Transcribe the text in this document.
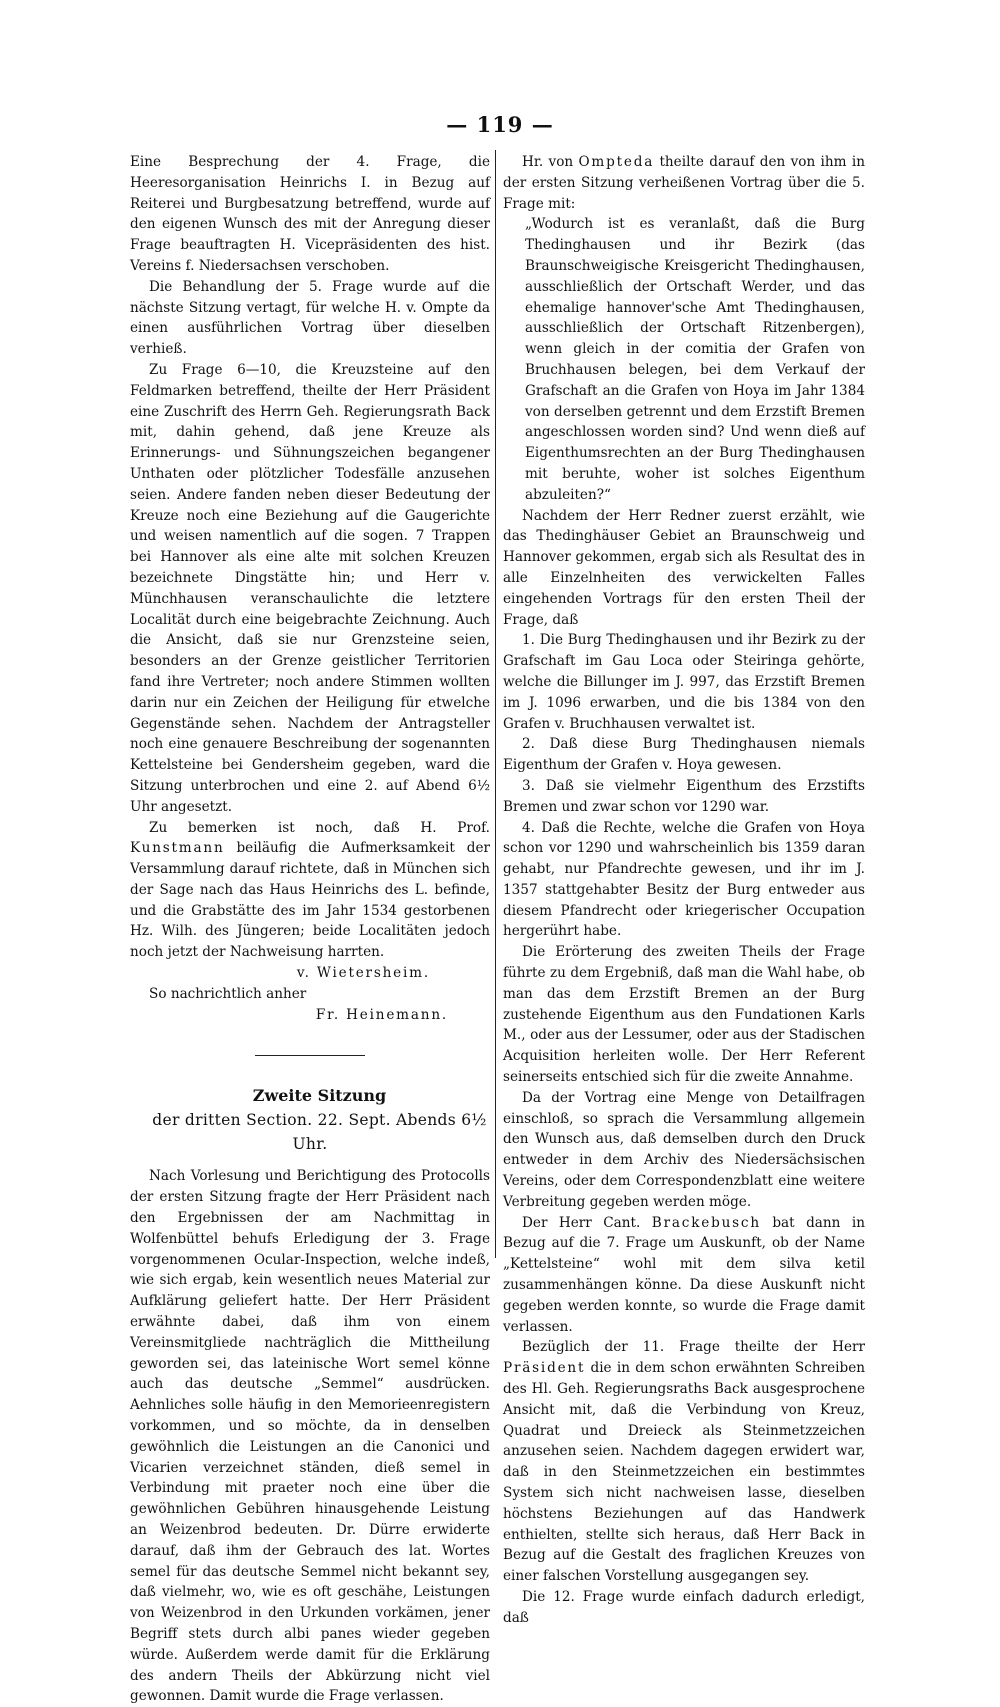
— 119 —

Eine Besprechung der 4. Frage, die Heeresorganisation Heinrichs I. in Bezug auf Reiterei und Burgbesatzung betreffend, wurde auf den eigenen Wunsch des mit der Anregung dieser Frage beauftragten H. Vicepräsidenten des hist. Vereins f. Niedersachsen verschoben.

Die Behandlung der 5. Frage wurde auf die nächste Sitzung vertagt, für welche H. v. Ompte da einen ausführlichen Vortrag über dieselben verhieß.

Zu Frage 6—10, die Kreuzsteine auf den Feldmarken betreffend, theilte der Herr Präsident eine Zuschrift des Herrn Geh. Regierungsrath Back mit, dahin gehend, daß jene Kreuze als Erinnerungs- und Sühnungszeichen begangener Unthaten oder plötzlicher Todesfälle anzusehen seien. Andere fanden neben dieser Bedeutung der Kreuze noch eine Beziehung auf die Gaugerichte und weisen namentlich auf die sogen. 7 Trappen bei Hannover als eine alte mit solchen Kreuzen bezeichnete Dingstätte hin; und Herr v. Münchhausen veranschaulichte die letztere Localität durch eine beigebrachte Zeichnung. Auch die Ansicht, daß sie nur Grenzsteine seien, besonders an der Grenze geistlicher Territorien fand ihre Vertreter; noch andere Stimmen wollten darin nur ein Zeichen der Heiligung für etwelche Gegenstände sehen. Nachdem der Antragsteller noch eine genauere Beschreibung der sogenannten Kettelsteine bei Gendersheim gegeben, ward die Sitzung unterbrochen und eine 2. auf Abend 6½ Uhr angesetzt.

Zu bemerken ist noch, daß H. Prof. Kunstmann beiläufig die Aufmerksamkeit der Versammlung darauf richtete, daß in München sich der Sage nach das Haus Heinrichs des L. befinde, und die Grabstätte des im Jahr 1534 gestorbenen Hz. Wilh. des Jüngeren; beide Localitäten jedoch noch jetzt der Nachweisung harrten.

v. Wietersheim.

So nachrichtlich anher

Fr. Heinemann.

Zweite Sitzung

der dritten Section. 22. Sept. Abends 6½ Uhr.

Nach Vorlesung und Berichtigung des Protocolls der ersten Sitzung fragte der Herr Präsident nach den Ergebnissen der am Nachmittag in Wolfenbüttel behufs Erledigung der 3. Frage vorgenommenen Ocular-Inspection, welche indeß, wie sich ergab, kein wesentlich neues Material zur Aufklärung geliefert hatte. Der Herr Präsident erwähnte dabei, daß ihm von einem Vereinsmitgliede nachträglich die Mittheilung geworden sei, das lateinische Wort semel könne auch das deutsche „Semmel“ ausdrücken. Aehnliches solle häufig in den Memorieenregistern vorkommen, und so möchte, da in denselben gewöhnlich die Leistungen an die Canonici und Vicarien verzeichnet ständen, dieß semel in Verbindung mit praeter noch eine über die gewöhnlichen Gebühren hinausgehende Leistung an Weizenbrod bedeuten. Dr. Dürre erwiderte darauf, daß ihm der Gebrauch des lat. Wortes semel für das deutsche Semmel nicht bekannt sey, daß vielmehr, wo, wie es oft geschähe, Leistungen von Weizenbrod in den Urkunden vorkämen, jener Begriff stets durch albi panes wieder gegeben würde. Außerdem werde damit für die Erklärung des andern Theils der Abkürzung nicht viel gewonnen. Damit wurde die Frage verlassen.

Hr. von Ompteda theilte darauf den von ihm in der ersten Sitzung verheißenen Vortrag über die 5. Frage mit:

„Wodurch ist es veranlaßt, daß die Burg Thedinghausen und ihr Bezirk (das Braunschweigische Kreisgericht Thedinghausen, ausschließlich der Ortschaft Werder, und das ehemalige hannover'sche Amt Thedinghausen, ausschließlich der Ortschaft Ritzenbergen), wenn gleich in der comitia der Grafen von Bruchhausen belegen, bei dem Verkauf der Grafschaft an die Grafen von Hoya im Jahr 1384 von derselben getrennt und dem Erzstift Bremen angeschlossen worden sind? Und wenn dieß auf Eigenthumsrechten an der Burg Thedinghausen mit beruhte, woher ist solches Eigenthum abzuleiten?“

Nachdem der Herr Redner zuerst erzählt, wie das Thedinghäuser Gebiet an Braunschweig und Hannover gekommen, ergab sich als Resultat des in alle Einzelnheiten des verwickelten Falles eingehenden Vortrags für den ersten Theil der Frage, daß

1. Die Burg Thedinghausen und ihr Bezirk zu der Grafschaft im Gau Loca oder Steiringa gehörte, welche die Billunger im J. 997, das Erzstift Bremen im J. 1096 erwarben, und die bis 1384 von den Grafen v. Bruchhausen verwaltet ist.

2. Daß diese Burg Thedinghausen niemals Eigenthum der Grafen v. Hoya gewesen.

3. Daß sie vielmehr Eigenthum des Erzstifts Bremen und zwar schon vor 1290 war.

4. Daß die Rechte, welche die Grafen von Hoya schon vor 1290 und wahrscheinlich bis 1359 daran gehabt, nur Pfandrechte gewesen, und ihr im J. 1357 stattgehabter Besitz der Burg entweder aus diesem Pfandrecht oder kriegerischer Occupation hergerührt habe.

Die Erörterung des zweiten Theils der Frage führte zu dem Ergebniß, daß man die Wahl habe, ob man das dem Erzstift Bremen an der Burg zustehende Eigenthum aus den Fundationen Karls M., oder aus der Lessumer, oder aus der Stadischen Acquisition herleiten wolle. Der Herr Referent seinerseits entschied sich für die zweite Annahme.

Da der Vortrag eine Menge von Detailfragen einschloß, so sprach die Versammlung allgemein den Wunsch aus, daß demselben durch den Druck entweder in dem Archiv des Niedersächsischen Vereins, oder dem Correspondenzblatt eine weitere Verbreitung gegeben werden möge.

Der Herr Cant. Brackebusch bat dann in Bezug auf die 7. Frage um Auskunft, ob der Name „Kettelsteine“ wohl mit dem silva ketil zusammenhängen könne. Da diese Auskunft nicht gegeben werden konnte, so wurde die Frage damit verlassen.

Bezüglich der 11. Frage theilte der Herr Präsident die in dem schon erwähnten Schreiben des Hl. Geh. Regierungsraths Back ausgesprochene Ansicht mit, daß die Verbindung von Kreuz, Quadrat und Dreieck als Steinmetzzeichen anzusehen seien. Nachdem dagegen erwidert war, daß in den Steinmetzzeichen ein bestimmtes System sich nicht nachweisen lasse, dieselben höchstens Beziehungen auf das Handwerk enthielten, stellte sich heraus, daß Herr Back in Bezug auf die Gestalt des fraglichen Kreuzes von einer falschen Vorstellung ausgegangen sey.

Die 12. Frage wurde einfach dadurch erledigt, daß
